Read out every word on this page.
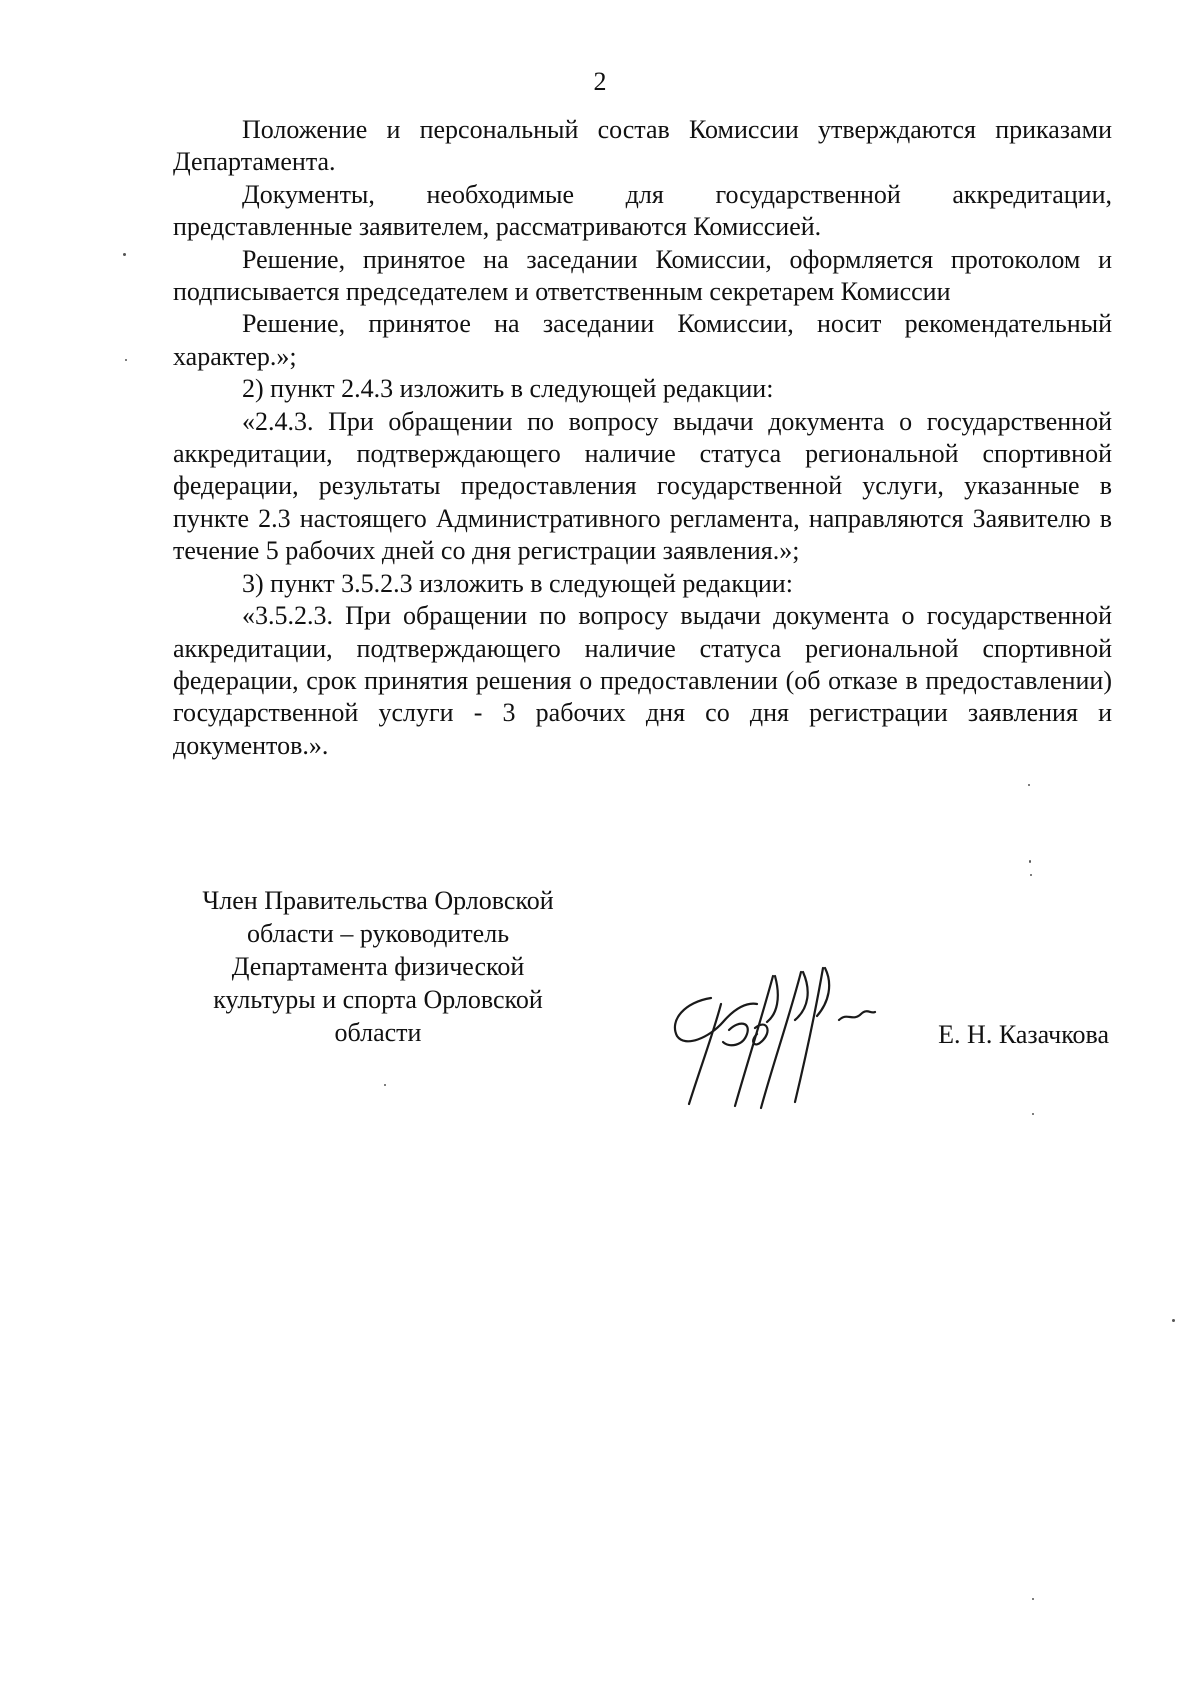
2

Положение и персональный состав Комиссии утверждаются приказами Департамента.

Документы, необходимые для государственной аккредитации, представленные заявителем, рассматриваются Комиссией.

Решение, принятое на заседании Комиссии, оформляется протоколом и подписывается председателем и ответственным секретарем Комиссии

Решение, принятое на заседании Комиссии, носит рекомендательный характер.»;

2) пункт 2.4.3 изложить в следующей редакции:

«2.4.3. При обращении по вопросу выдачи документа о государственной аккредитации, подтверждающего наличие статуса региональной спортивной федерации, результаты предоставления государственной услуги, указанные в пункте 2.3 настоящего Административного регламента, направляются Заявителю в течение 5 рабочих дней со дня регистрации заявления.»;

3) пункт 3.5.2.3 изложить в следующей редакции:

«3.5.2.3. При обращении по вопросу выдачи документа о государственной аккредитации, подтверждающего наличие статуса региональной спортивной федерации, срок принятия решения о предоставлении (об отказе в предоставлении) государственной услуги - 3 рабочих дня со дня регистрации заявления и документов.».

Член Правительства Орловской
области – руководитель
Департамента физической
культуры и спорта Орловской
области	Е. Н. Казачкова
